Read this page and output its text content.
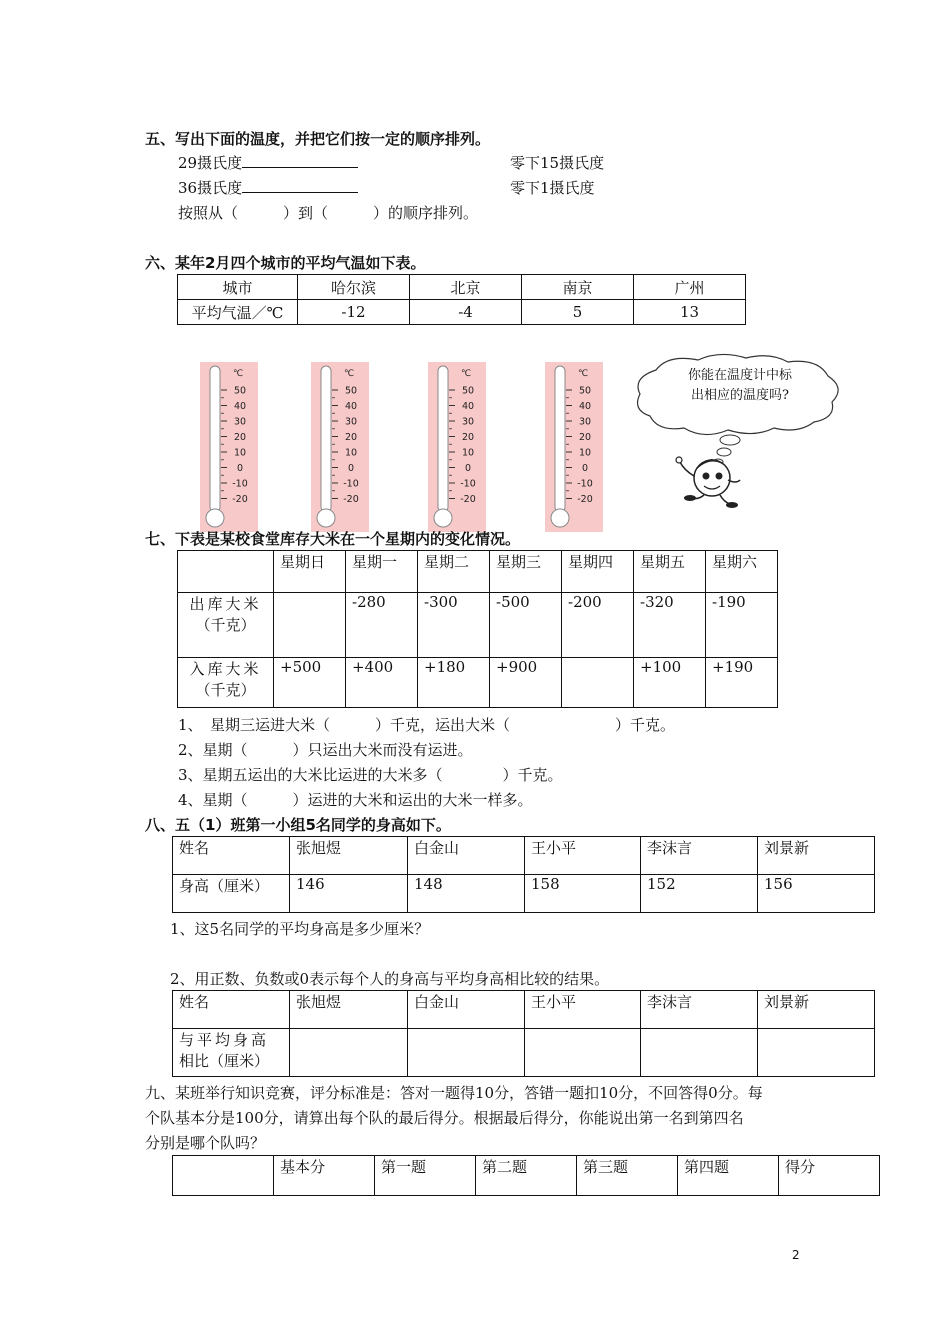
五、写出下面的温度，并把它们按一定的顺序排列。
29摄氏度	零下15摄氏度
36摄氏度	零下1摄氏度
按照从（　　　）到（　　　）的顺序排列。
六、某年2月四个城市的平均气温如下表。
城市	哈尔滨	北京	南京	广州
平均气温／℃	-12	-4	5	13
℃
50
40
30
20
10
0
-10
-20
℃
50
40
30
20
10
0
-10
-20
℃
50
40
30
20
10
0
-10
-20
℃
50
40
30
20
10
0
-10
-20
你能在温度计中标
出相应的温度吗?
七、下表是某校食堂库存大米在一个星期内的变化情况。
	星期日	星期一	星期二	星期三	星期四	星期五	星期六

出库大米
（千克）		-280	-300	-500	-200	-320	-190

入库大米
（千克）	+500	+400	+180	+900		+100	+190
1、　星期三运进大米（　　　）千克，运出大米（　　　　　　　）千克。
2、星期（　　　）只运出大米而没有运进。
3、星期五运出的大米比运进的大米多（　　　　）千克。
4、星期（　　　）运进的大米和运出的大米一样多。
八、五（1）班第一小组5名同学的身高如下。
姓名	张旭煜	白金山	王小平	李沫言	刘景新
身高（厘米）	146	148	158	152	156
1、这5名同学的平均身高是多少厘米？
2、用正数、负数或0表示每个人的身高与平均身高相比较的结果。
姓名	张旭煜	白金山	王小平	李沫言	刘景新

与平均身高
相比（厘米）					

九、某班举行知识竞赛，评分标准是：答对一题得10分，答错一题扣10分，不回答得0分。每
个队基本分是100分，请算出每个队的最后得分。根据最后得分，你能说出第一名到第四名
分别是哪个队吗？
	基本分	第一题	第二题	第三题	第四题	得分
2
